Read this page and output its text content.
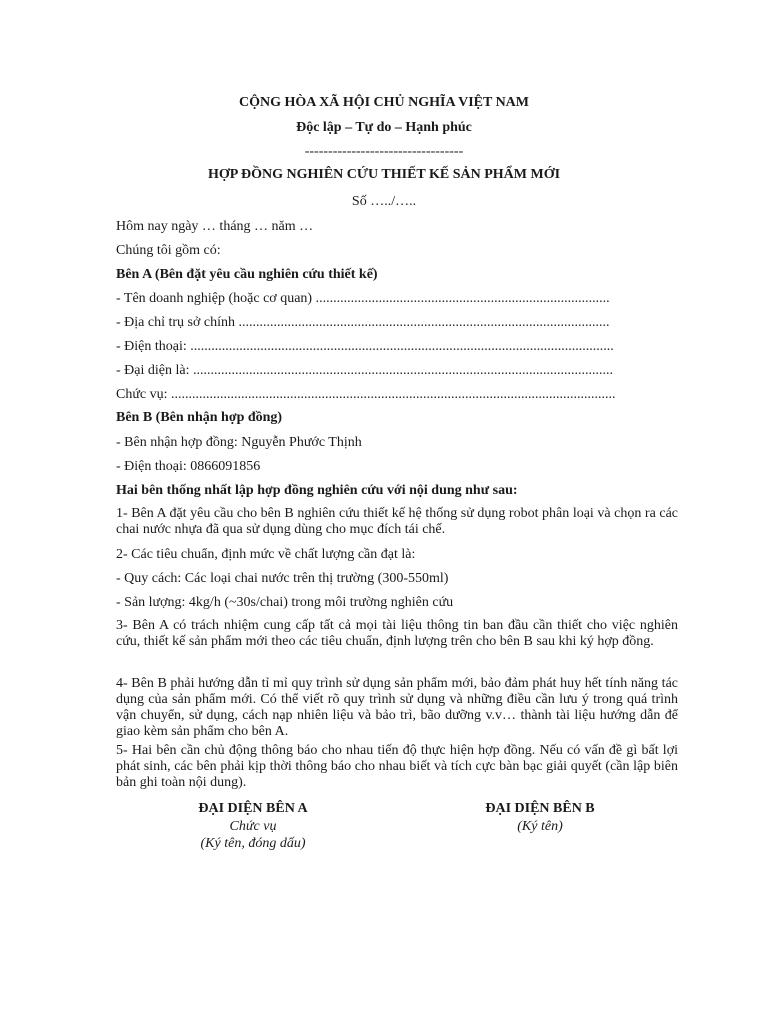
CỘNG HÒA XÃ HỘI CHỦ NGHĨA VIỆT NAM
Độc lập – Tự do – Hạnh phúc
----------------------------------
HỢP ĐỒNG NGHIÊN CỨU THIẾT KẾ SẢN PHẨM MỚI
Số …../…..
Hôm nay ngày … tháng … năm …
Chúng tôi gồm có:
Bên A (Bên đặt yêu cầu nghiên cứu thiết kế)
- Tên doanh nghiệp (hoặc cơ quan) ....................................................................................
- Địa chỉ trụ sở chính ..........................................................................................................
- Điện thoại: .........................................................................................................................
- Đại diện là: ........................................................................................................................
Chức vụ: ...............................................................................................................................
Bên B (Bên nhận hợp đồng)
- Bên nhận hợp đồng: Nguyễn Phước Thịnh
- Điện thoại: 0866091856
Hai bên thống nhất lập hợp đồng nghiên cứu với nội dung như sau:
1- Bên A đặt yêu cầu cho bên B nghiên cứu thiết kế hệ thống sử dụng robot phân loại và chọn ra các chai nước nhựa đã qua sử dụng dùng cho mục đích tái chế.
2- Các tiêu chuẩn, định mức về chất lượng cần đạt là:
- Quy cách: Các loại chai nước trên thị trường (300-550ml)
- Sản lượng: 4kg/h (~30s/chai) trong môi trường nghiên cứu
3- Bên A có trách nhiệm cung cấp tất cả mọi tài liệu thông tin ban đầu cần thiết cho việc nghiên cứu, thiết kế sản phẩm mới theo các tiêu chuẩn, định lượng trên cho bên B sau khi ký hợp đồng.
4- Bên B phải hướng dẫn tỉ mỉ quy trình sử dụng sản phẩm mới, bảo đảm phát huy hết tính năng tác dụng của sản phẩm mới. Có thể viết rõ quy trình sử dụng và những điều cần lưu ý trong quá trình vận chuyển, sử dụng, cách nạp nhiên liệu và bảo trì, bão dưỡng v.v… thành tài liệu hướng dẫn để giao kèm sản phẩm cho bên A.
5- Hai bên cần chủ động thông báo cho nhau tiến độ thực hiện hợp đồng. Nếu có vấn đề gì bất lợi phát sinh, các bên phải kịp thời thông báo cho nhau biết và tích cực bàn bạc giải quyết (cần lập biên bản ghi toàn nội dung).
ĐẠI DIỆN BÊN A
Chức vụ
(Ký tên, đóng dấu)
ĐẠI DIỆN BÊN B
(Ký tên)
